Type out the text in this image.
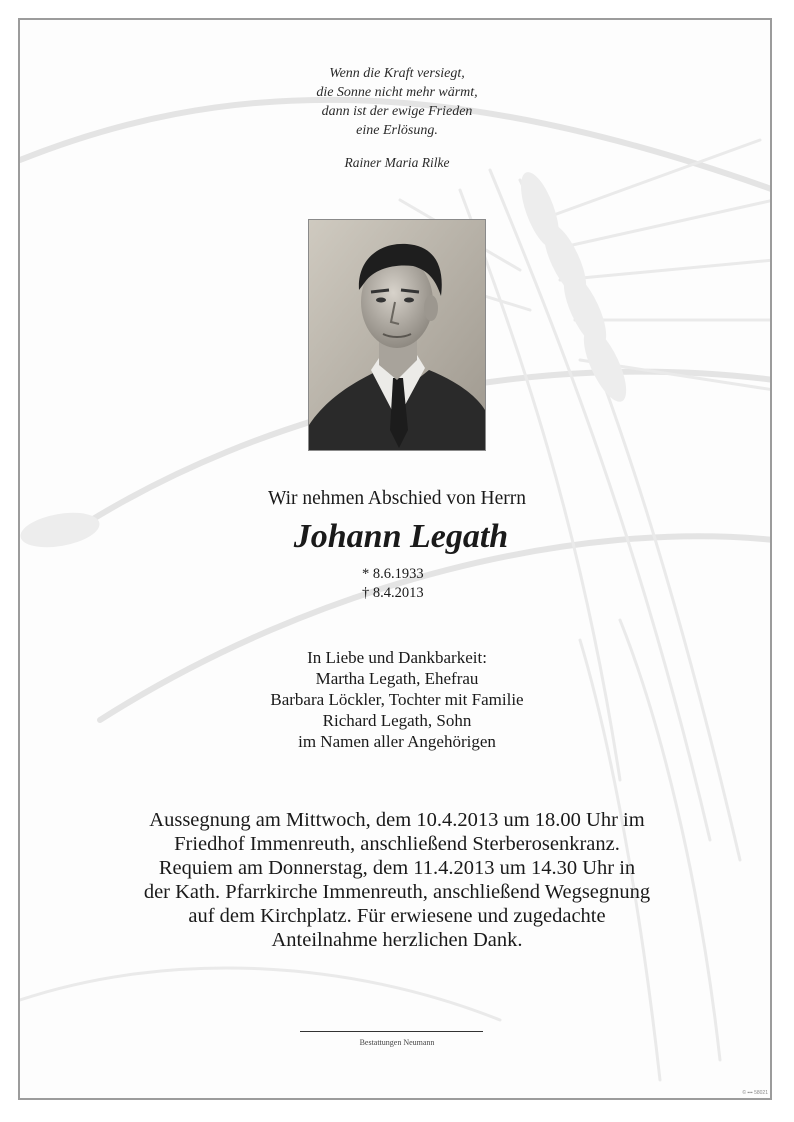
Wenn die Kraft versiegt,
die Sonne nicht mehr wärmt,
dann ist der ewige Frieden
eine Erlösung.
Rainer Maria Rilke
Wir nehmen Abschied von Herrn
Johann Legath
* 8.6.1933
† 8.4.2013
In Liebe und Dankbarkeit:
Martha Legath, Ehefrau
Barbara Löckler, Tochter mit Familie
Richard Legath, Sohn
im Namen aller Angehörigen
Aussegnung am Mittwoch, dem 10.4.2013 um 18.00 Uhr im
Friedhof Immenreuth, anschließend Sterberosenkranz.
Requiem am Donnerstag, dem 11.4.2013 um 14.30 Uhr in
der Kath. Pfarrkirche Immenreuth, anschließend Wegsegnung
auf dem Kirchplatz. Für erwiesene und zugedachte
Anteilnahme herzlichen Dank.
Bestattungen Neumann
© ▪▪▪ 58021
